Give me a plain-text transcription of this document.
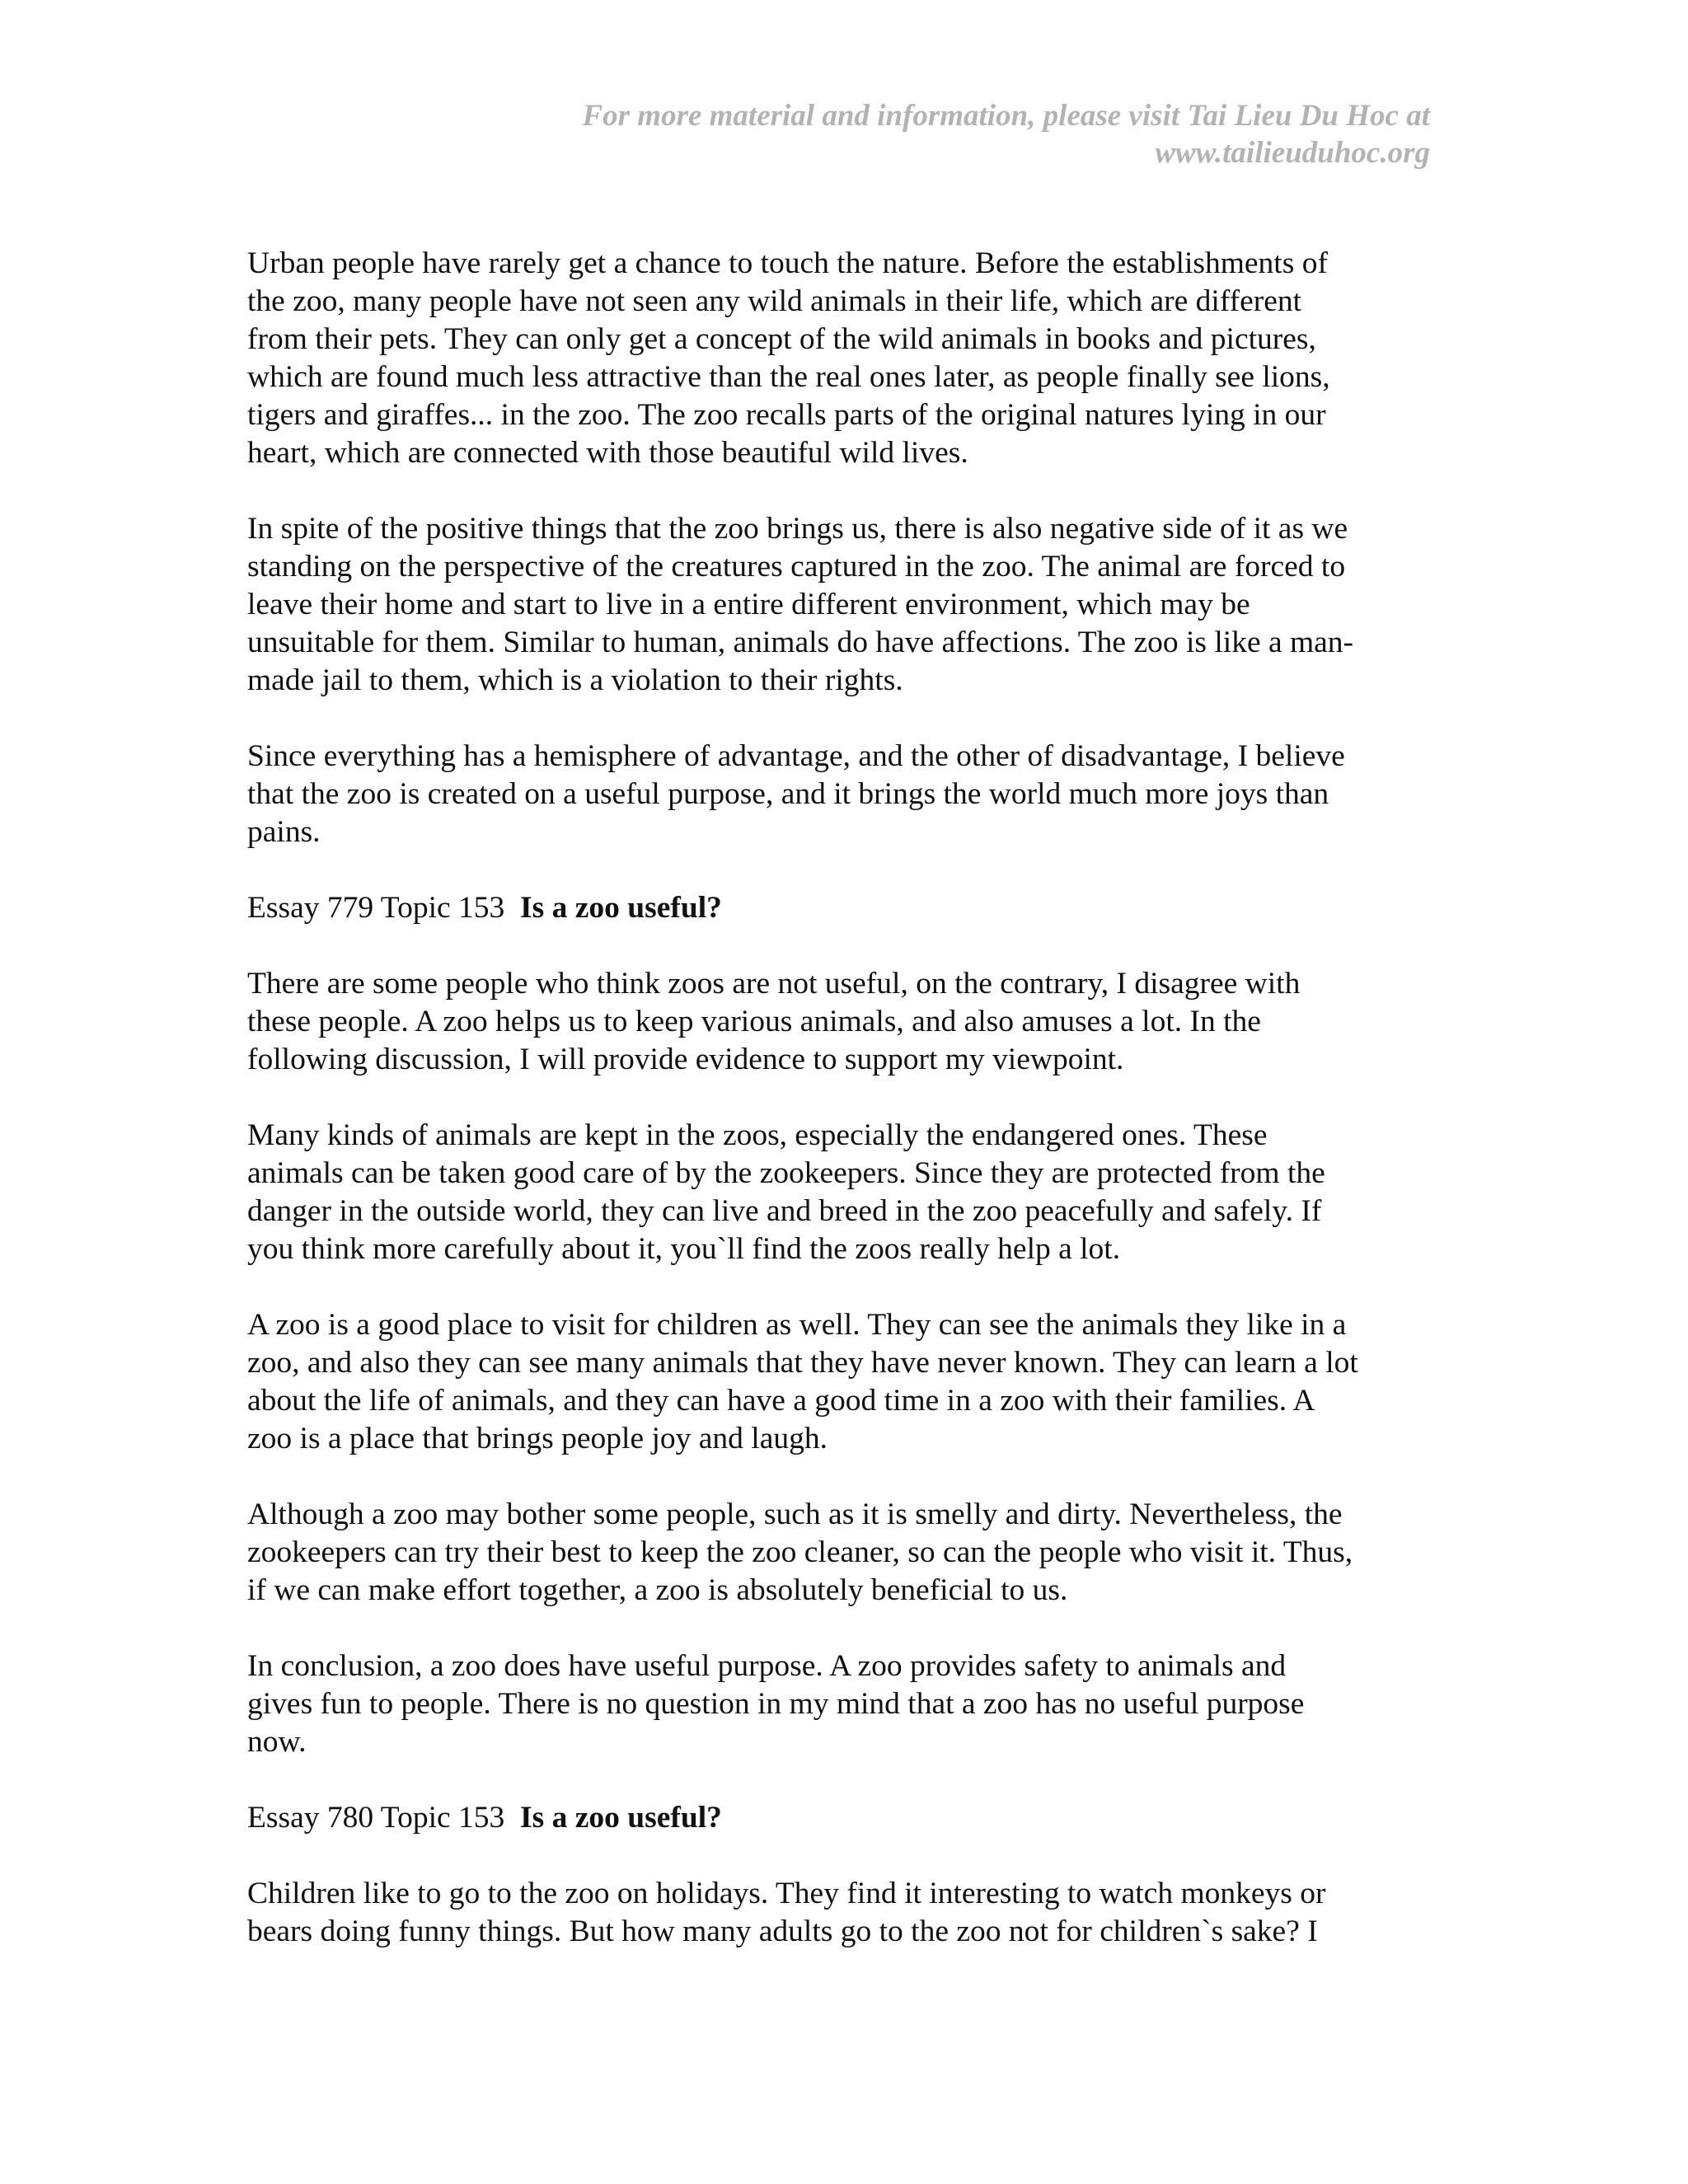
For more material and information, please visit Tai Lieu Du Hoc at
www.tailieuduhoc.org

Urban people have rarely get a chance to touch the nature. Before the establishments of
the zoo, many people have not seen any wild animals in their life, which are different
from their pets. They can only get a concept of the wild animals in books and pictures,
which are found much less attractive than the real ones later, as people finally see lions,
tigers and giraffes... in the zoo. The zoo recalls parts of the original natures lying in our
heart, which are connected with those beautiful wild lives.

In spite of the positive things that the zoo brings us, there is also negative side of it as we
standing on the perspective of the creatures captured in the zoo. The animal are forced to
leave their home and start to live in a entire different environment, which may be
unsuitable for them. Similar to human, animals do have affections. The zoo is like a man-
made jail to them, which is a violation to their rights.

Since everything has a hemisphere of advantage, and the other of disadvantage, I believe
that the zoo is created on a useful purpose, and it brings the world much more joys than
pains.

Essay 779 Topic 153  Is a zoo useful?

There are some people who think zoos are not useful, on the contrary, I disagree with
these people. A zoo helps us to keep various animals, and also amuses a lot. In the
following discussion, I will provide evidence to support my viewpoint.

Many kinds of animals are kept in the zoos, especially the endangered ones. These
animals can be taken good care of by the zookeepers. Since they are protected from the
danger in the outside world, they can live and breed in the zoo peacefully and safely. If
you think more carefully about it, you`ll find the zoos really help a lot.

A zoo is a good place to visit for children as well. They can see the animals they like in a
zoo, and also they can see many animals that they have never known. They can learn a lot
about the life of animals, and they can have a good time in a zoo with their families. A
zoo is a place that brings people joy and laugh.

Although a zoo may bother some people, such as it is smelly and dirty. Nevertheless, the
zookeepers can try their best to keep the zoo cleaner, so can the people who visit it. Thus,
if we can make effort together, a zoo is absolutely beneficial to us.

In conclusion, a zoo does have useful purpose. A zoo provides safety to animals and
gives fun to people. There is no question in my mind that a zoo has no useful purpose
now.

Essay 780 Topic 153  Is a zoo useful?

Children like to go to the zoo on holidays. They find it interesting to watch monkeys or
bears doing funny things. But how many adults go to the zoo not for children`s sake? I
